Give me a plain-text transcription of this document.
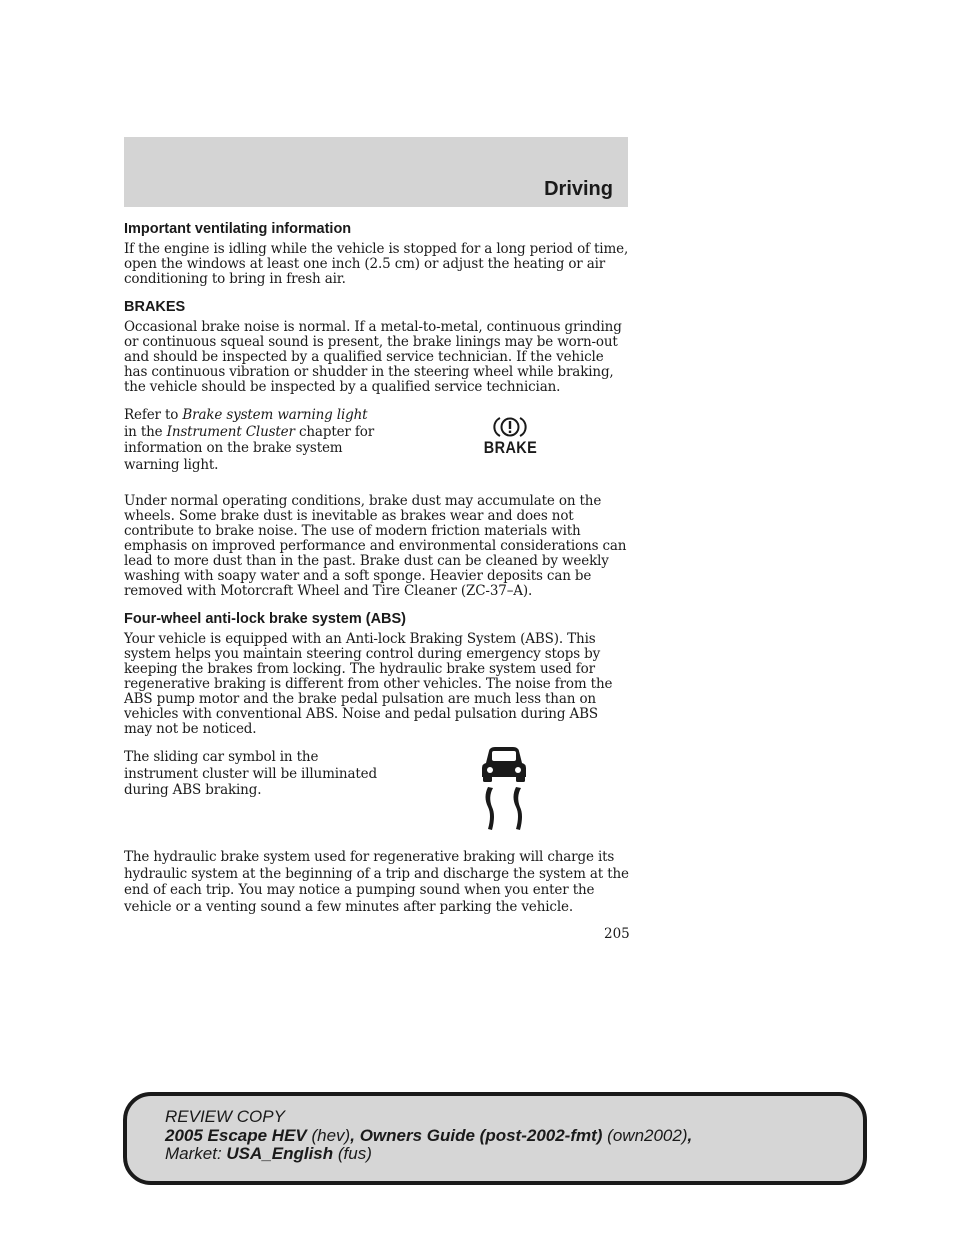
Driving
Important ventilating information

If the engine is idling while the vehicle is stopped for a long period of time, open the windows at least one inch (2.5 cm) or adjust the heating or air conditioning to bring in fresh air.

BRAKES

Occasional brake noise is normal. If a metal-to-metal, continuous grinding or continuous squeal sound is present, the brake linings may be worn-out and should be inspected by a qualified service technician. If the vehicle has continuous vibration or shudder in the steering wheel while braking, the vehicle should be inspected by a qualified service technician.

Refer to Brake system warning light in the Instrument Cluster chapter for information on the brake system warning light.

BRAKE

Under normal operating conditions, brake dust may accumulate on the wheels. Some brake dust is inevitable as brakes wear and does not contribute to brake noise. The use of modern friction materials with emphasis on improved performance and environmental considerations can lead to more dust than in the past. Brake dust can be cleaned by weekly washing with soapy water and a soft sponge. Heavier deposits can be removed with Motorcraft Wheel and Tire Cleaner (ZC-37–A).

Four-wheel anti-lock brake system (ABS)

Your vehicle is equipped with an Anti-lock Braking System (ABS). This system helps you maintain steering control during emergency stops by keeping the brakes from locking. The hydraulic brake system used for regenerative braking is different from other vehicles. The noise from the ABS pump motor and the brake pedal pulsation are much less than on vehicles with conventional ABS. Noise and pedal pulsation during ABS may not be noticed.

The sliding car symbol in the instrument cluster will be illuminated during ABS braking.

The hydraulic brake system used for regenerative braking will charge its hydraulic system at the beginning of a trip and discharge the system at the end of each trip. You may notice a pumping sound when you enter the vehicle or a venting sound a few minutes after parking the vehicle.

205

REVIEW COPY
2005 Escape HEV (hev), Owners Guide (post-2002-fmt) (own2002),
Market: USA_English (fus)
